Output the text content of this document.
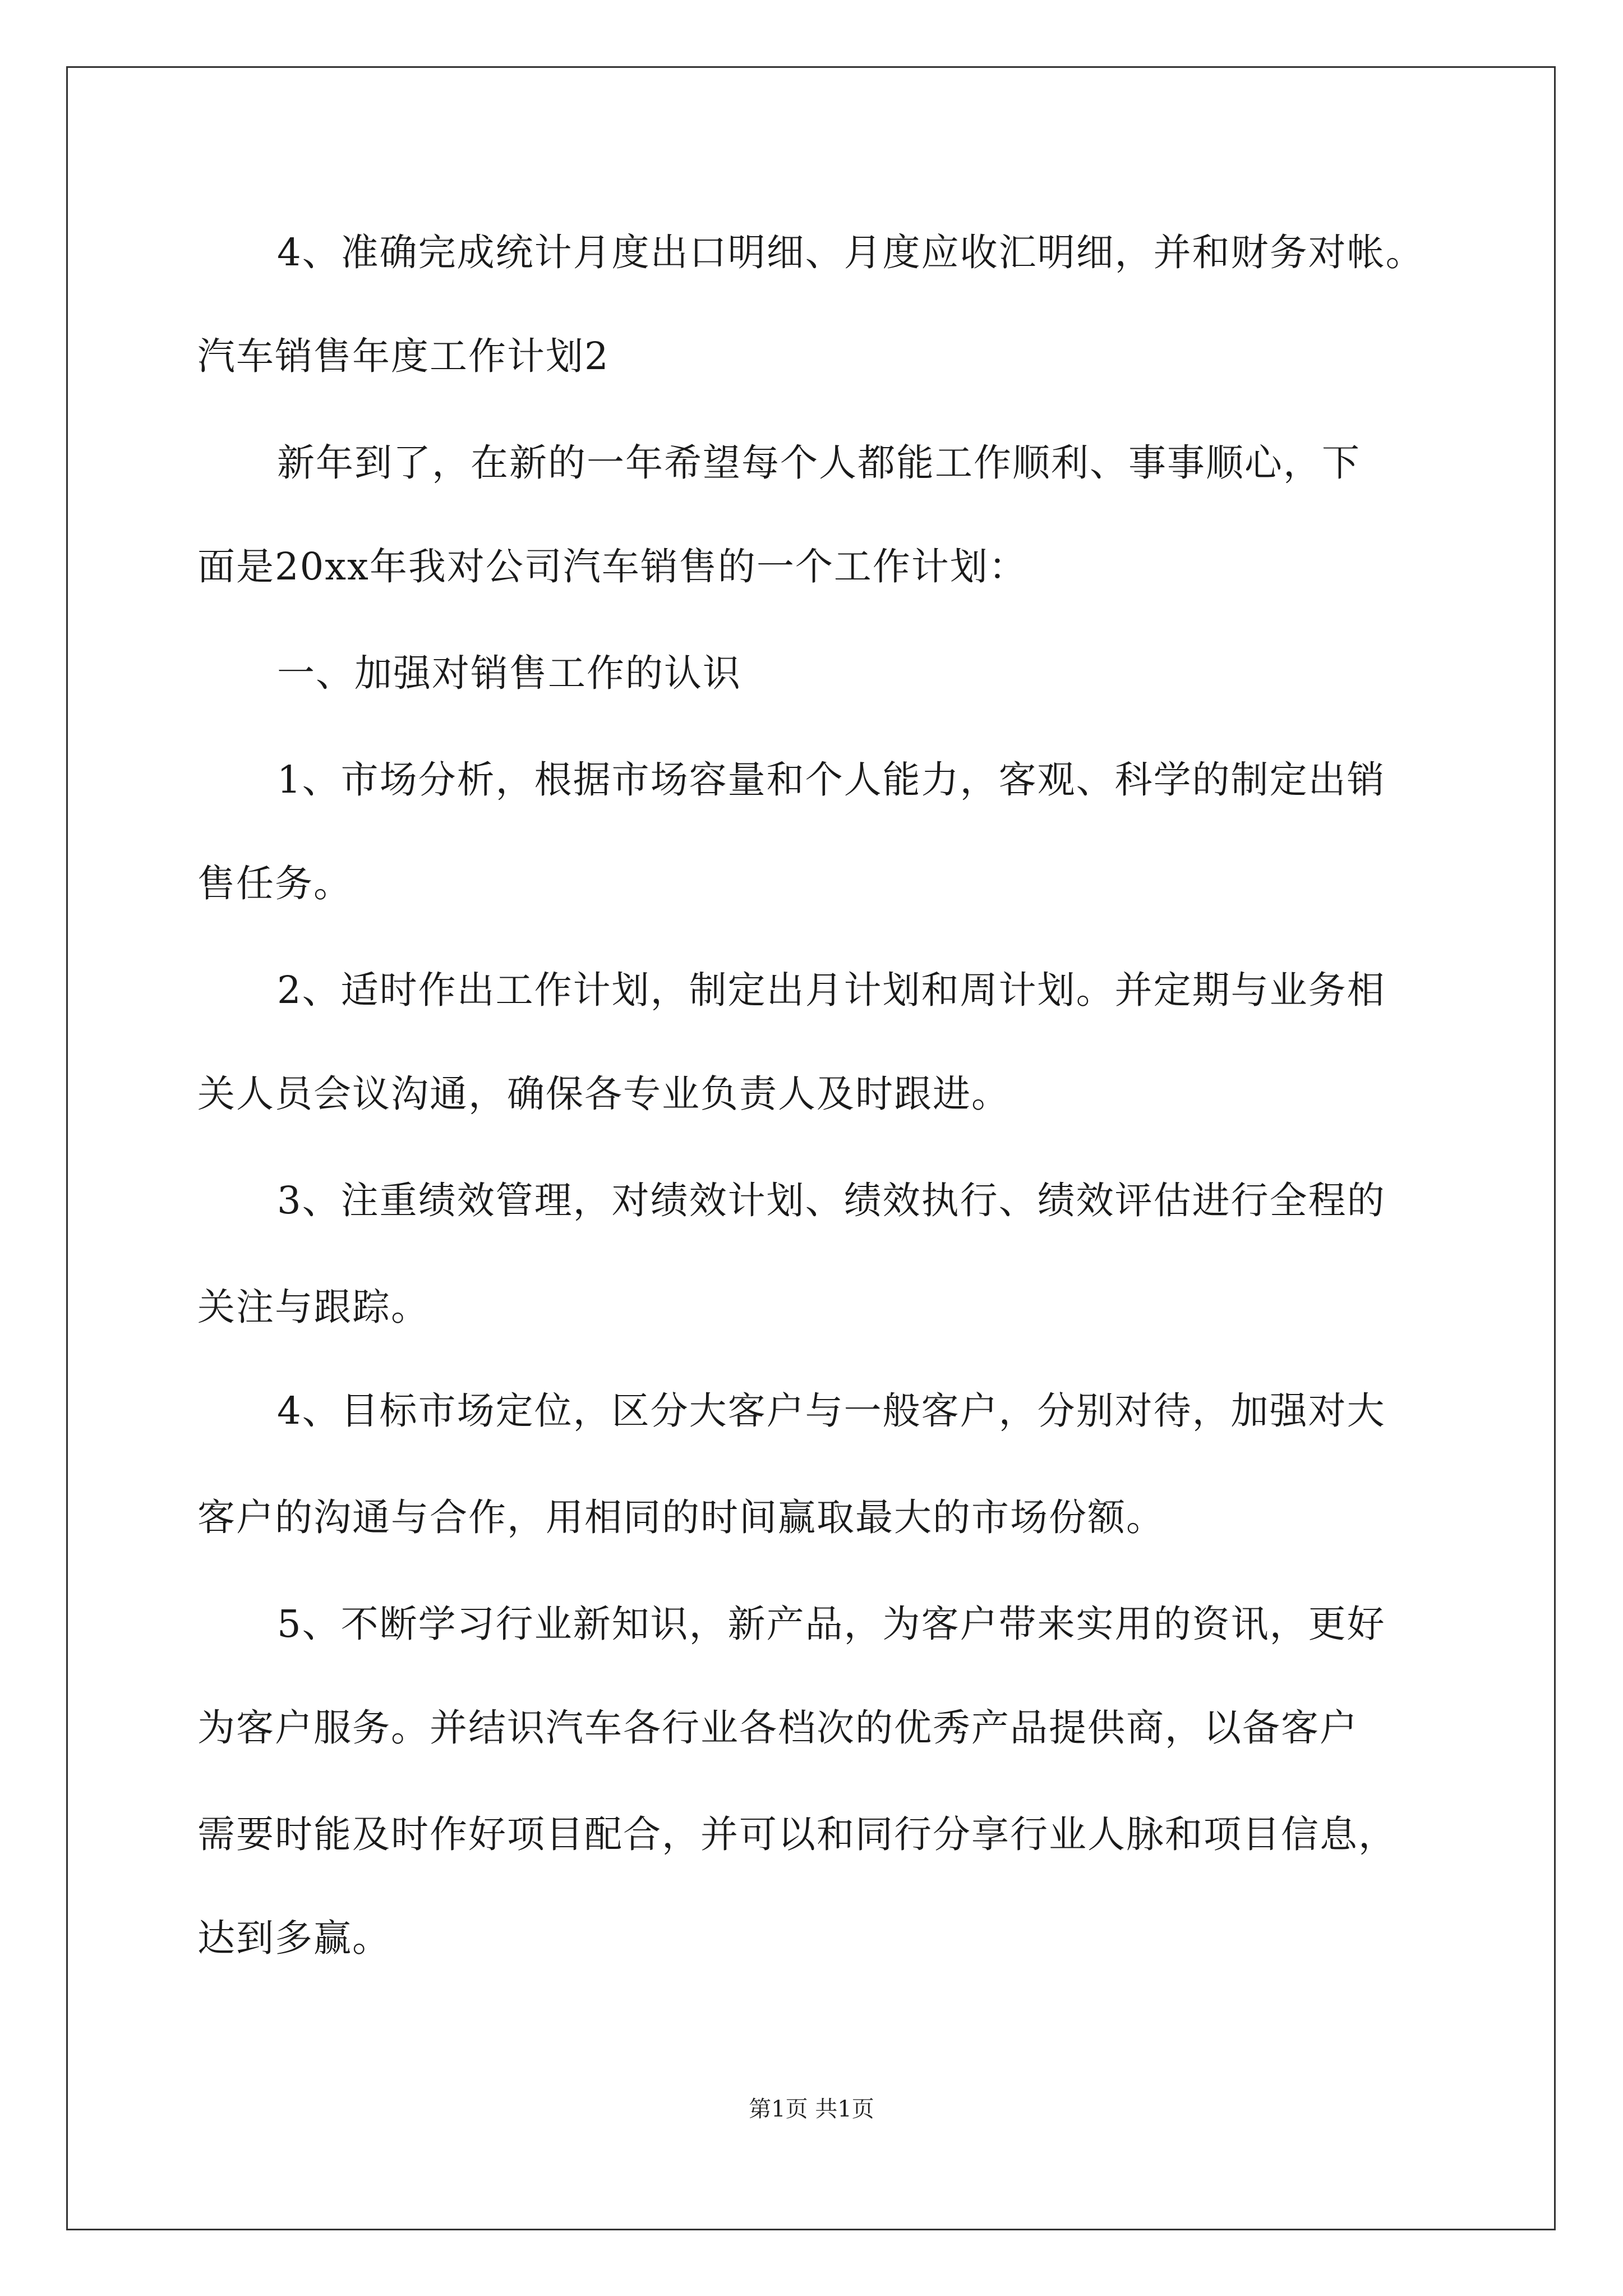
4、准确完成统计月度出口明细、月度应收汇明细，并和财务对帐。
汽车销售年度工作计划2
新年到了，在新的一年希望每个人都能工作顺利、事事顺心，下
面是20xx年我对公司汽车销售的一个工作计划：
一、加强对销售工作的认识
1、市场分析，根据市场容量和个人能力，客观、科学的制定出销
售任务。
2、适时作出工作计划，制定出月计划和周计划。并定期与业务相
关人员会议沟通，确保各专业负责人及时跟进。
3、注重绩效管理，对绩效计划、绩效执行、绩效评估进行全程的
关注与跟踪。
4、目标市场定位，区分大客户与一般客户，分别对待，加强对大
客户的沟通与合作，用相同的时间赢取最大的市场份额。
5、不断学习行业新知识，新产品，为客户带来实用的资讯，更好
为客户服务。并结识汽车各行业各档次的优秀产品提供商，以备客户
需要时能及时作好项目配合，并可以和同行分享行业人脉和项目信息，
达到多赢。
第1页 共1页
